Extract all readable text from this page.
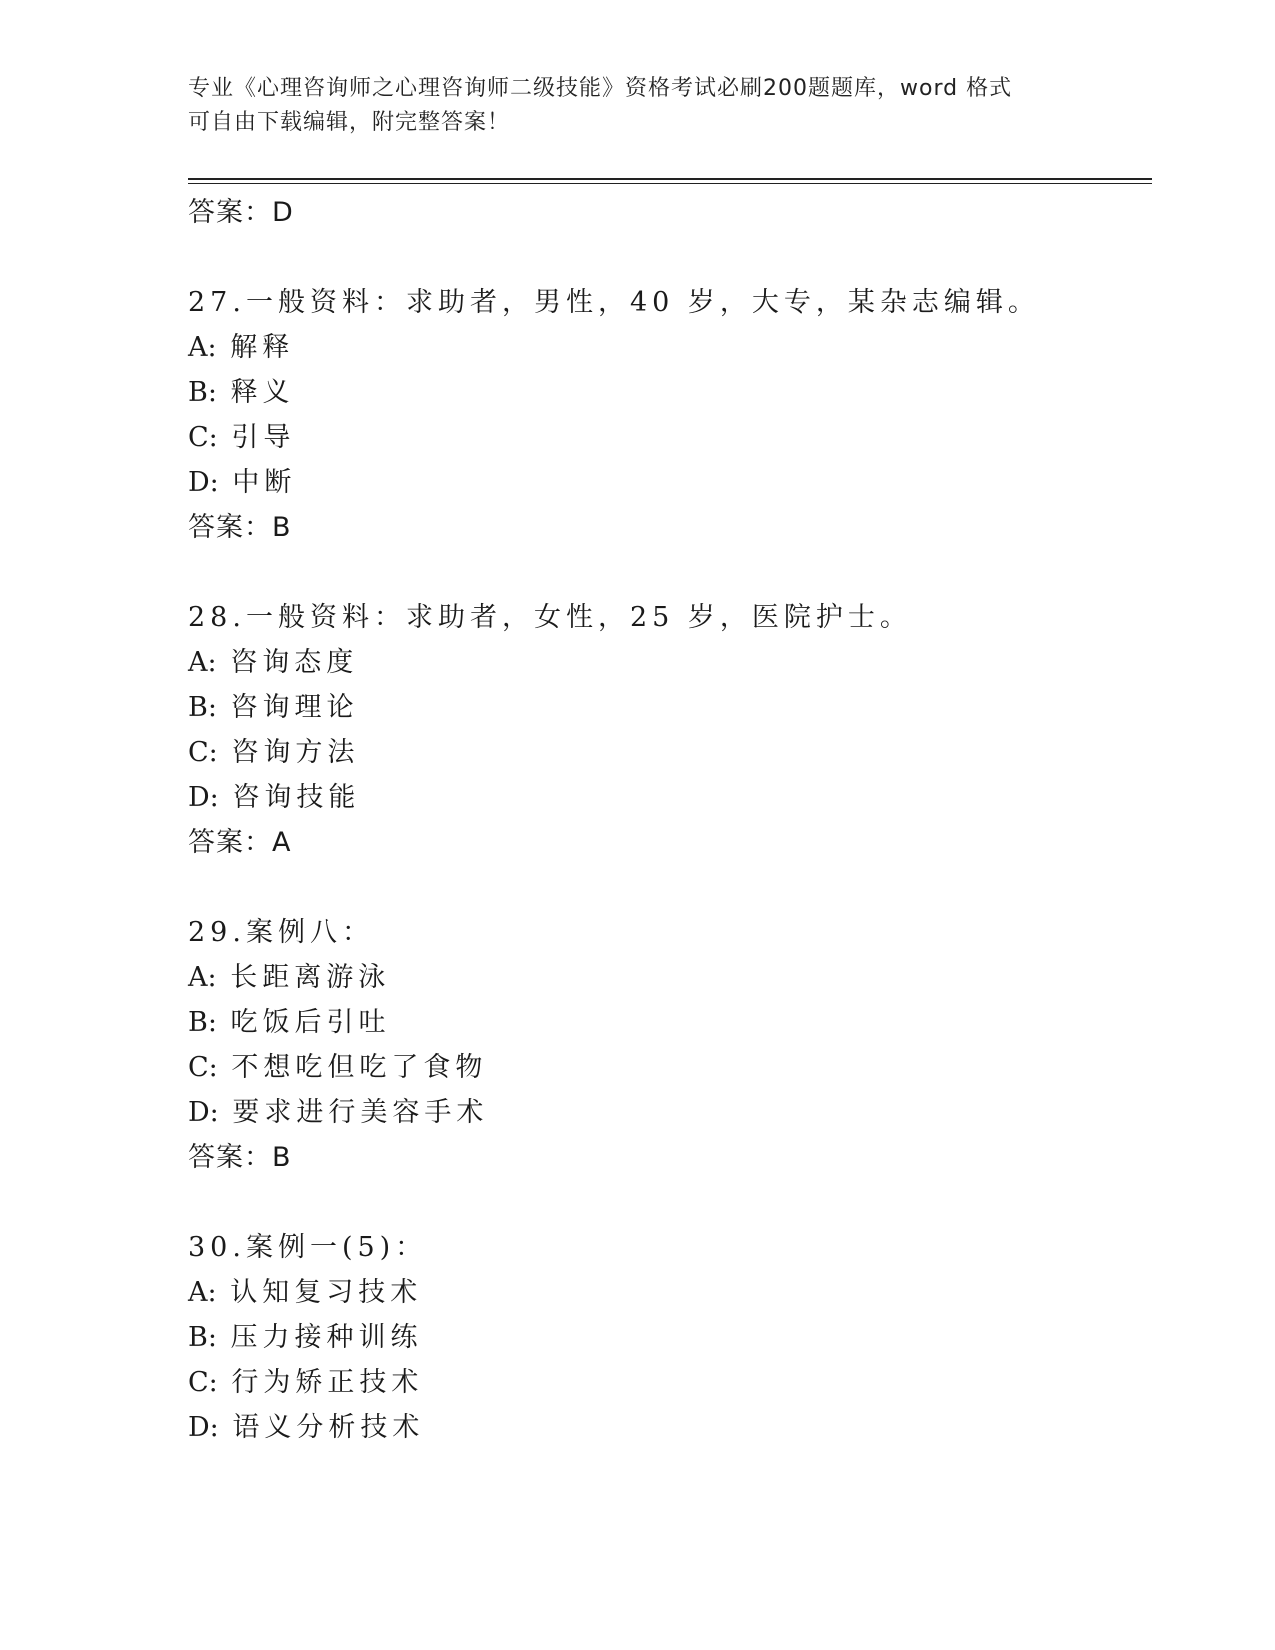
专业《心理咨询师之心理咨询师二级技能》资格考试必刷200题题库，word 格式
可自由下载编辑，附完整答案！
答案：D
27.一般资料：求助者，男性，40 岁，大专，某杂志编辑。
A: 解释
B: 释义
C: 引导
D: 中断
答案：B
28.一般资料：求助者，女性，25 岁，医院护士。
A: 咨询态度
B: 咨询理论
C: 咨询方法
D: 咨询技能
答案：A
29.案例八：
A: 长距离游泳
B: 吃饭后引吐
C: 不想吃但吃了食物
D: 要求进行美容手术
答案：B
30.案例一(5)：
A: 认知复习技术
B: 压力接种训练
C: 行为矫正技术
D: 语义分析技术
